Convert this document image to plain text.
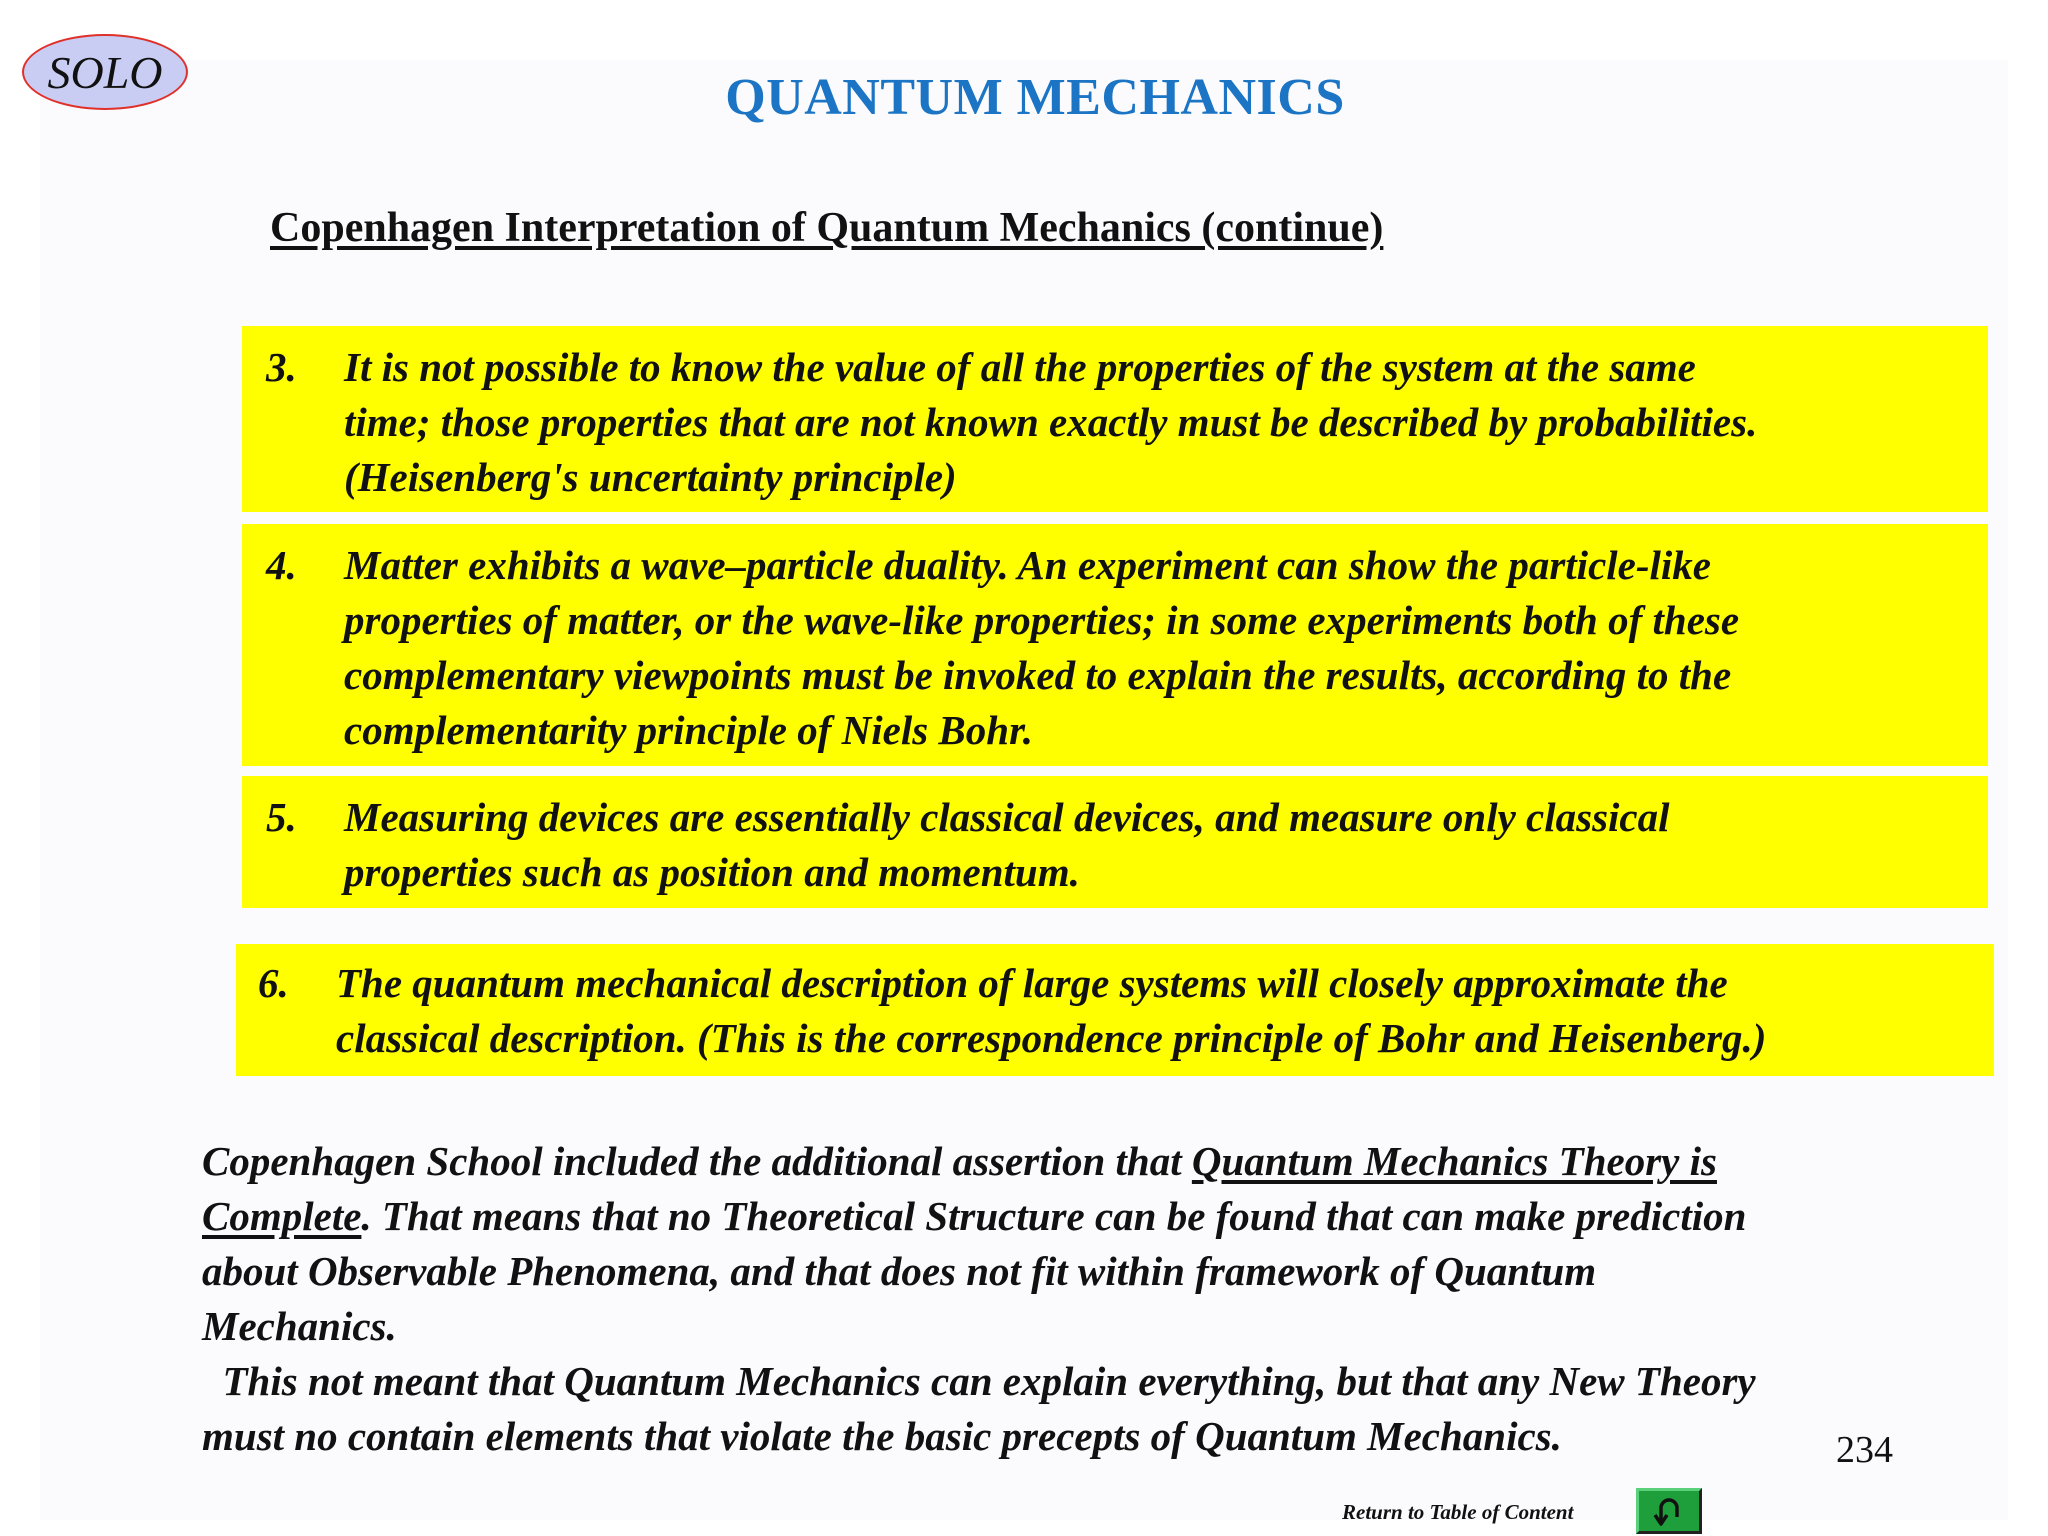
SOLO	QUANTUM MECHANICS
Copenhagen Interpretation of Quantum Mechanics (continue)
3.	It is not possible to know the value of all the properties of the system at the same
time; those properties that are not known exactly must be described by probabilities.
(Heisenberg's uncertainty principle)
4.	Matter exhibits a wave–particle duality. An experiment can show the particle-like
properties of matter, or the wave-like properties; in some experiments both of these
complementary viewpoints must be invoked to explain the results, according to the
complementarity principle of Niels Bohr.
5.	Measuring devices are essentially classical devices, and measure only classical
properties such as position and momentum.
6.	The quantum mechanical description of large systems will closely approximate the
classical description. (This is the correspondence principle of Bohr and Heisenberg.)
Copenhagen School included the additional assertion that Quantum Mechanics Theory is
Complete. That means that no Theoretical Structure can be found that can make prediction
about Observable Phenomena, and that does not fit within framework of Quantum
Mechanics.
This not meant that Quantum Mechanics can explain everything, but that any New Theory
must no contain elements that violate the basic precepts of Quantum Mechanics.	234
Return to Table of Content
